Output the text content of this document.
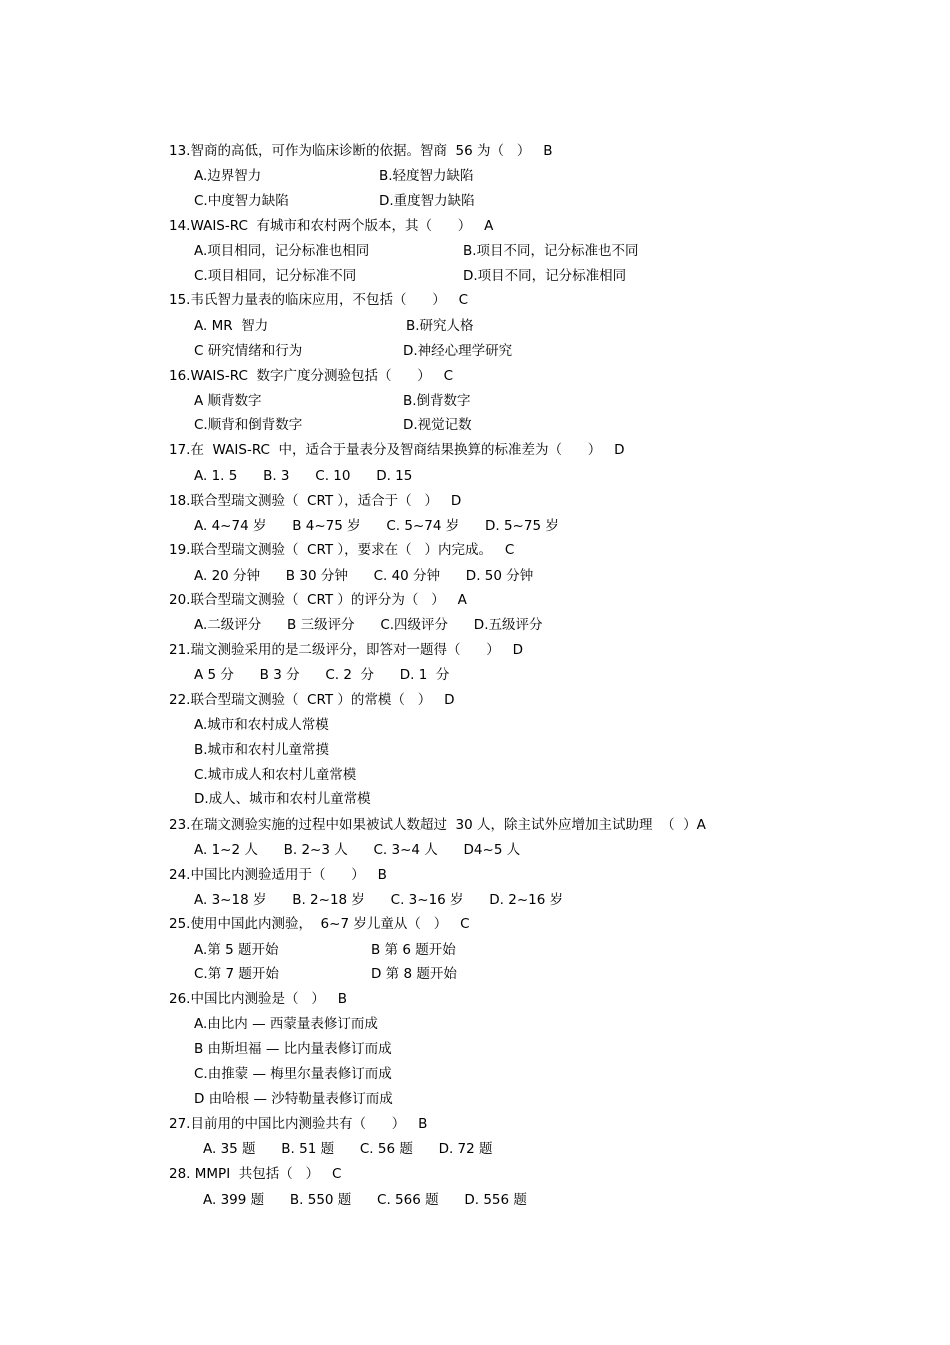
13.智商的高低，可作为临床诊断的依据。智商  56 为（   ）   B
A.边界智力	B.轻度智力缺陷
C.中度智力缺陷	D.重度智力缺陷
14.WAIS-RC  有城市和农村两个版本，其（      ）   A
A.项目相同，记分标准也相同	B.项目不同，记分标准也不同
C.项目相同，记分标准不同	D.项目不同，记分标准相同
15.韦氏智力量表的临床应用，不包括（      ）   C
A. MR  智力	B.研究人格
C 研究情绪和行为	D.神经心理学研究
16.WAIS-RC  数字广度分测验包括（      ）   C
A 顺背数字	B.倒背数字
C.顺背和倒背数字	D.视觉记数
17.在  WAIS-RC  中，适合于量表分及智商结果换算的标准差为（      ）   D
A. 1. 5      B. 3      C. 10      D. 15
18.联合型瑞文测验（  CRT ），适合于（   ）   D
A. 4~74 岁      B 4~75 岁      C. 5~74 岁      D. 5~75 岁
19.联合型瑞文测验（  CRT ），要求在（   ）内完成。   C
A. 20 分钟      B 30 分钟      C. 40 分钟      D. 50 分钟
20.联合型瑞文测验（  CRT ）的评分为（   ）   A
A.二级评分      B 三级评分      C.四级评分      D.五级评分
21.瑞文测验采用的是二级评分，即答对一题得（      ）   D
A 5 分      B 3 分      C. 2  分      D. 1  分
22.联合型瑞文测验（  CRT ）的常模（   ）   D
A.城市和农村成人常模
B.城市和农村儿童常摸
C.城市成人和农村儿童常模
D.成人、城市和农村儿童常模
23.在瑞文测验实施的过程中如果被试人数超过  30 人，除主试外应增加主试助理  （  ）A
A. 1~2 人      B. 2~3 人      C. 3~4 人      D4~5 人
24.中国比内测验适用于（      ）   B
A. 3~18 岁      B. 2~18 岁      C. 3~16 岁      D. 2~16 岁
25.使用中国此内测验，  6~7 岁儿童从（   ）   C
A.第 5 题开始	B 第 6 题开始
C.第 7 题开始	D 第 8 题开始
26.中国比内测验是（   ）   B
A.由比内 — 西蒙量表修订而成
B 由斯坦福 — 比内量表修订而成
C.由推蒙 — 梅里尔量表修订而成
D 由哈根 — 沙特勒量表修订而成
27.目前用的中国比内测验共有（      ）   B
A. 35 题      B. 51 题      C. 56 题      D. 72 题
28. MMPI  共包括（   ）   C
A. 399 题      B. 550 题      C. 566 题      D. 556 题
